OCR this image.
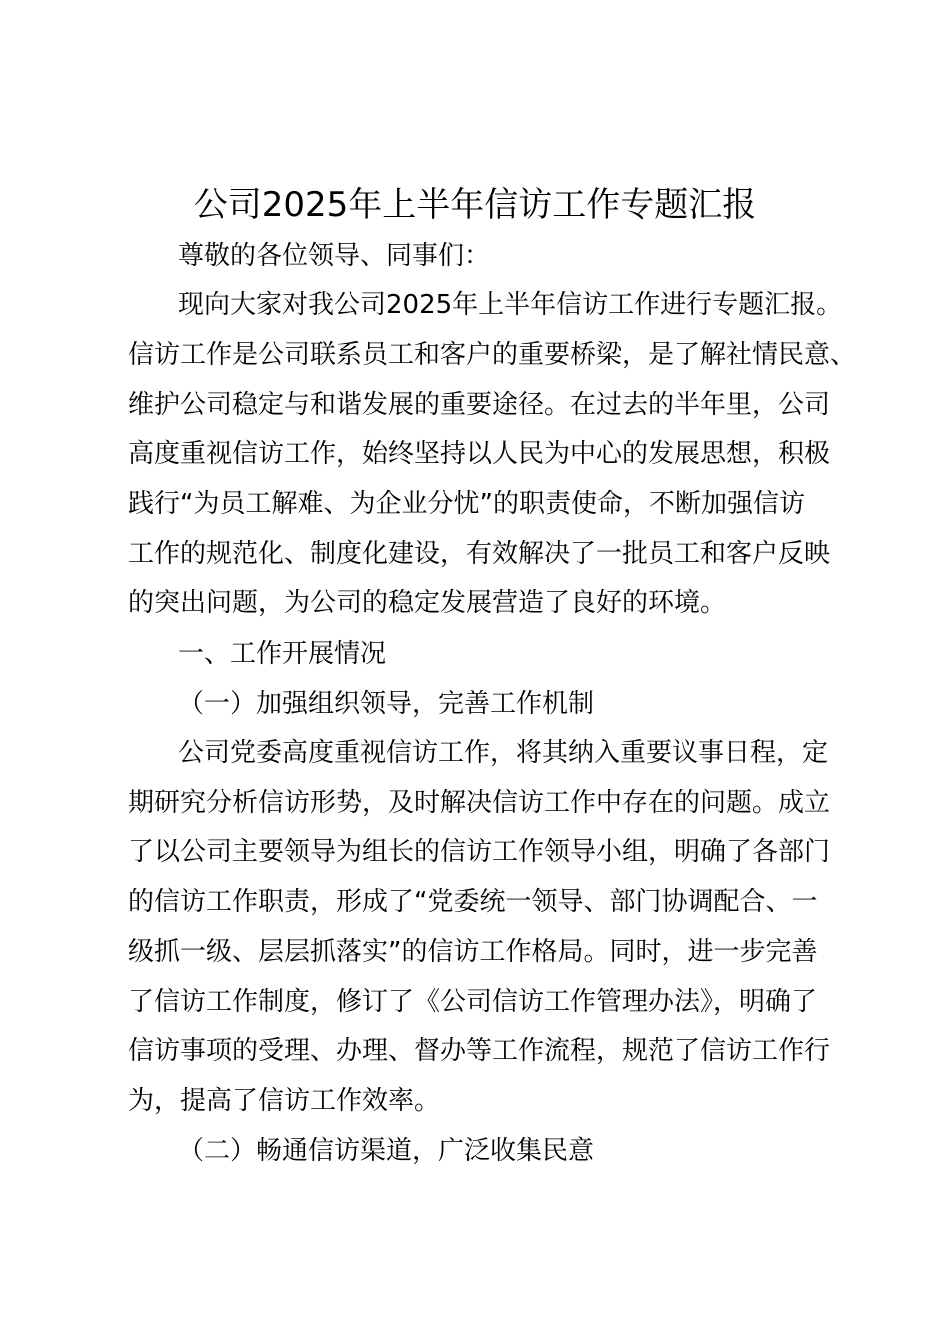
公司2025年上半年信访工作专题汇报
尊敬的各位领导、同事们：
现向大家对我公司2025年上半年信访工作进行专题汇报。
信访工作是公司联系员工和客户的重要桥梁，是了解社情民意、
维护公司稳定与和谐发展的重要途径。在过去的半年里，公司
高度重视信访工作，始终坚持以人民为中心的发展思想，积极
践行“为员工解难、为企业分忧”的职责使命，不断加强信访
工作的规范化、制度化建设，有效解决了一批员工和客户反映
的突出问题，为公司的稳定发展营造了良好的环境。
一、工作开展情况
（一）加强组织领导，完善工作机制
公司党委高度重视信访工作，将其纳入重要议事日程，定
期研究分析信访形势，及时解决信访工作中存在的问题。成立
了以公司主要领导为组长的信访工作领导小组，明确了各部门
的信访工作职责，形成了“党委统一领导、部门协调配合、一
级抓一级、层层抓落实”的信访工作格局。同时，进一步完善
了信访工作制度，修订了《公司信访工作管理办法》，明确了
信访事项的受理、办理、督办等工作流程，规范了信访工作行
为，提高了信访工作效率。
（二）畅通信访渠道，广泛收集民意
